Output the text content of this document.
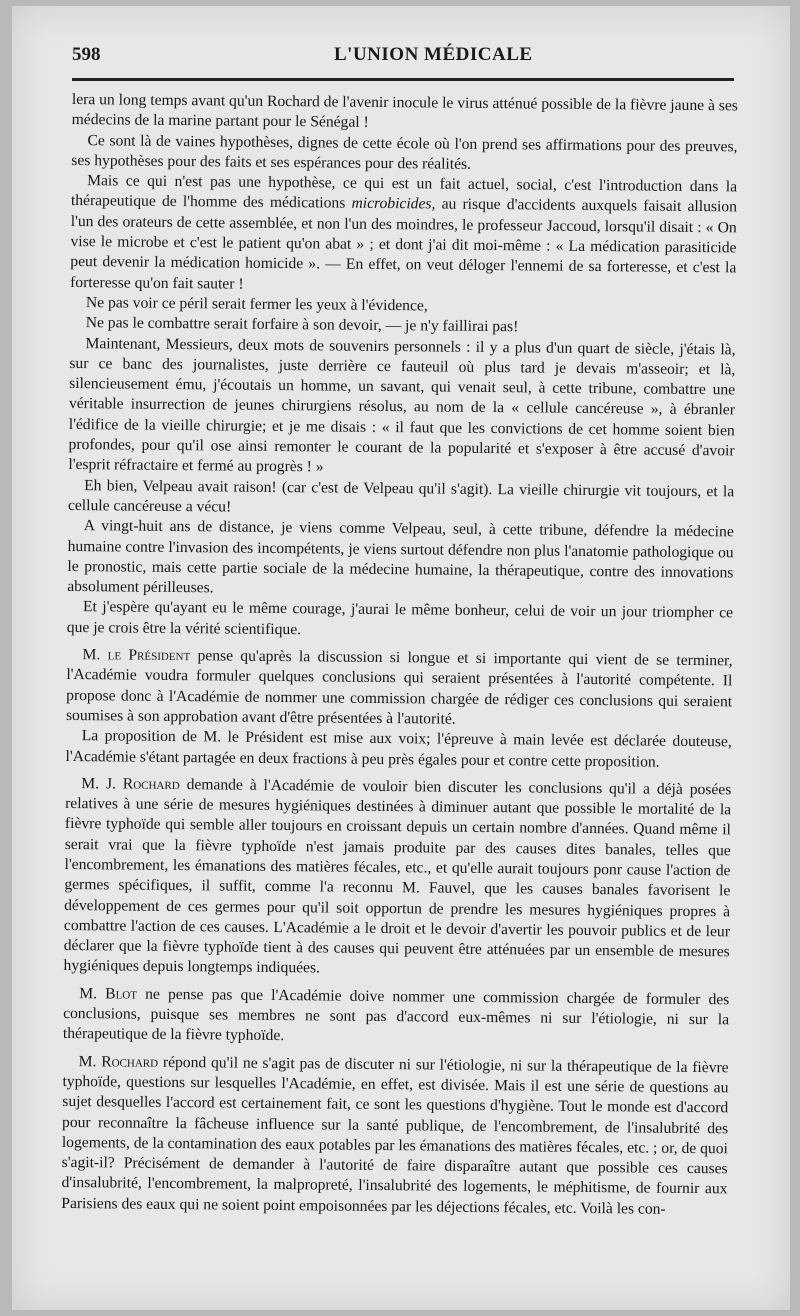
598	L'UNION MÉDICALE

lera un long temps avant qu'un Rochard de l'avenir inocule le virus atténué possible de la fièvre jaune à ses médecins de la marine partant pour le Sénégal !

Ce sont là de vaines hypothèses, dignes de cette école où l'on prend ses affirmations pour des preuves, ses hypothèses pour des faits et ses espérances pour des réalités.

Mais ce qui n'est pas une hypothèse, ce qui est un fait actuel, social, c'est l'introduction dans la thérapeutique de l'homme des médications microbicides, au risque d'accidents auxquels faisait allusion l'un des orateurs de cette assemblée, et non l'un des moindres, le professeur Jaccoud, lorsqu'il disait : « On vise le microbe et c'est le patient qu'on abat » ; et dont j'ai dit moi-même : « La médication parasiticide peut devenir la médication homicide ». — En effet, on veut déloger l'ennemi de sa forteresse, et c'est la forteresse qu'on fait sauter !

Ne pas voir ce péril serait fermer les yeux à l'évidence,

Ne pas le combattre serait forfaire à son devoir, — je n'y faillirai pas!

Maintenant, Messieurs, deux mots de souvenirs personnels : il y a plus d'un quart de siècle, j'étais là, sur ce banc des journalistes, juste derrière ce fauteuil où plus tard je devais m'asseoir; et là, silencieusement ému, j'écoutais un homme, un savant, qui venait seul, à cette tribune, combattre une véritable insurrection de jeunes chirurgiens résolus, au nom de la « cellule cancéreuse », à ébranler l'édifice de la vieille chirurgie; et je me disais : « il faut que les convictions de cet homme soient bien profondes, pour qu'il ose ainsi remonter le courant de la popularité et s'exposer à être accusé d'avoir l'esprit réfractaire et fermé au progrès ! »

Eh bien, Velpeau avait raison! (car c'est de Velpeau qu'il s'agit). La vieille chirurgie vit toujours, et la cellule cancéreuse a vécu!

A vingt-huit ans de distance, je viens comme Velpeau, seul, à cette tribune, défendre la médecine humaine contre l'invasion des incompétents, je viens surtout défendre non plus l'anatomie pathologique ou le pronostic, mais cette partie sociale de la médecine humaine, la thérapeutique, contre des innovations absolument périlleuses.

Et j'espère qu'ayant eu le même courage, j'aurai le même bonheur, celui de voir un jour triompher ce que je crois être la vérité scientifique.

M. le Président pense qu'après la discussion si longue et si importante qui vient de se terminer, l'Académie voudra formuler quelques conclusions qui seraient présentées à l'autorité compétente. Il propose donc à l'Académie de nommer une commission chargée de rédiger ces conclusions qui seraient soumises à son approbation avant d'être présentées à l'autorité.

La proposition de M. le Président est mise aux voix; l'épreuve à main levée est déclarée douteuse, l'Académie s'étant partagée en deux fractions à peu près égales pour et contre cette proposition.

M. J. Rochard demande à l'Académie de vouloir bien discuter les conclusions qu'il a déjà posées relatives à une série de mesures hygiéniques destinées à diminuer autant que possible le mortalité de la fièvre typhoïde qui semble aller toujours en croissant depuis un certain nombre d'années. Quand même il serait vrai que la fièvre typhoïde n'est jamais produite par des causes dites banales, telles que l'encombrement, les émanations des matières fécales, etc., et qu'elle aurait toujours ponr cause l'action de germes spécifiques, il suffit, comme l'a reconnu M. Fauvel, que les causes banales favorisent le développement de ces germes pour qu'il soit opportun de prendre les mesures hygiéniques propres à combattre l'action de ces causes. L'Académie a le droit et le devoir d'avertir les pouvoir publics et de leur déclarer que la fièvre typhoïde tient à des causes qui peuvent être atténuées par un ensemble de mesures hygiéniques depuis longtemps indiquées.

M. Blot ne pense pas que l'Académie doive nommer une commission chargée de formuler des conclusions, puisque ses membres ne sont pas d'accord eux-mêmes ni sur l'étiologie, ni sur la thérapeutique de la fièvre typhoïde.

M. Rochard répond qu'il ne s'agit pas de discuter ni sur l'étiologie, ni sur la thérapeutique de la fièvre typhoïde, questions sur lesquelles l'Académie, en effet, est divisée. Mais il est une série de questions au sujet desquelles l'accord est certainement fait, ce sont les questions d'hygiène. Tout le monde est d'accord pour reconnaître la fâcheuse influence sur la santé publique, de l'encombrement, de l'insalubrité des logements, de la contamination des eaux potables par les émanations des matières fécales, etc. ; or, de quoi s'agit-il? Précisément de demander à l'autorité de faire disparaître autant que possible ces causes d'insalubrité, l'encombrement, la malpropreté, l'insalubrité des logements, le méphitisme, de fournir aux Parisiens des eaux qui ne soient point empoisonnées par les déjections fécales, etc. Voilà les con-
